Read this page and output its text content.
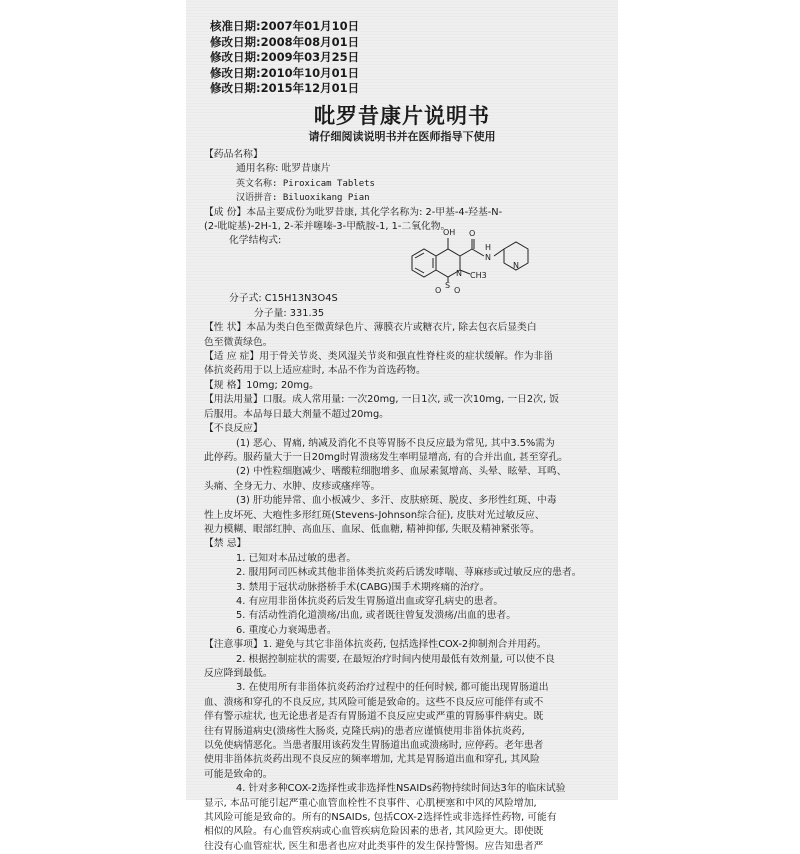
核准日期:2007年01月10日
修改日期:2008年08月01日
修改日期:2009年03月25日
修改日期:2010年10月01日
修改日期:2015年12月01日
吡罗昔康片说明书
请仔细阅读说明书并在医师指导下使用
【药品名称】
通用名称: 吡罗昔康片
英文名称: Piroxicam Tablets
汉语拼音: Biluoxikang Pian
【成 份】本品主要成份为吡罗昔康, 其化学名称为: 2-甲基-4-羟基-N-
(2-吡啶基)-2H-1, 2-苯并噻嗪-3-甲酰胺-1, 1-二氧化物。
化学结构式:
OH O
H
N
N
N CH3
S
O O
分子式: C15H13N3O4S
分子量: 331.35
【性 状】本品为类白色至微黄绿色片、薄膜衣片或糖衣片, 除去包衣后显类白
色至微黄绿色。
【适 应 症】用于骨关节炎、类风湿关节炎和强直性脊柱炎的症状缓解。作为非甾
体抗炎药用于以上适应症时, 本品不作为首选药物。
【规 格】10mg; 20mg。
【用法用量】口服。成人常用量: 一次20mg, 一日1次, 或一次10mg, 一日2次, 饭
后服用。本品每日最大剂量不超过20mg。
【不良反应】
(1) 恶心、胃痛, 纳减及消化不良等胃肠不良反应最为常见, 其中3.5%需为
此停药。服药量大于一日20mg时胃溃疡发生率明显增高, 有的合并出血, 甚至穿孔。
(2) 中性粒细胞减少、嗜酸粒细胞增多、血尿素氮增高、头晕、眩晕、耳鸣、
头痛、全身无力、水肿、皮疹或瘙痒等。
(3) 肝功能异常、血小板减少、多汗、皮肤瘀斑、脱皮、多形性红斑、中毒
性上皮坏死、大疱性多形红斑(Stevens-Johnson综合征), 皮肤对光过敏反应、
视力模糊、眼部红肿、高血压、血尿、低血糖, 精神抑郁, 失眠及精神紧张等。
【禁 忌】
1. 已知对本品过敏的患者。
2. 服用阿司匹林或其他非甾体类抗炎药后诱发哮喘、荨麻疹或过敏反应的患者。
3. 禁用于冠状动脉搭桥手术(CABG)围手术期疼痛的治疗。
4. 有应用非甾体抗炎药后发生胃肠道出血或穿孔病史的患者。
5. 有活动性消化道溃疡/出血, 或者既往曾复发溃疡/出血的患者。
6. 重度心力衰竭患者。
【注意事项】1. 避免与其它非甾体抗炎药, 包括选择性COX-2抑制剂合并用药。
2. 根据控制症状的需要, 在最短治疗时间内使用最低有效剂量, 可以使不良
反应降到最低。
3. 在使用所有非甾体抗炎药治疗过程中的任何时候, 都可能出现胃肠道出
血、溃疡和穿孔的不良反应, 其风险可能是致命的。这些不良反应可能伴有或不
伴有警示症状, 也无论患者是否有胃肠道不良反应史或严重的胃肠事件病史。既
往有胃肠道病史(溃疡性大肠炎, 克隆氏病)的患者应谨慎使用非甾体抗炎药,
以免使病情恶化。当患者服用该药发生胃肠道出血或溃疡时, 应停药。老年患者
使用非甾体抗炎药出现不良反应的频率增加, 尤其是胃肠道出血和穿孔, 其风险
可能是致命的。
4. 针对多种COX-2选择性或非选择性NSAIDs药物持续时间达3年的临床试验
显示, 本品可能引起严重心血管血栓性不良事件、心肌梗塞和中风的风险增加,
其风险可能是致命的。所有的NSAIDs, 包括COX-2选择性或非选择性药物, 可能有
相似的风险。有心血管疾病或心血管疾病危险因素的患者, 其风险更大。即使既
往没有心血管症状, 医生和患者也应对此类事件的发生保持警惕。应告知患者严
